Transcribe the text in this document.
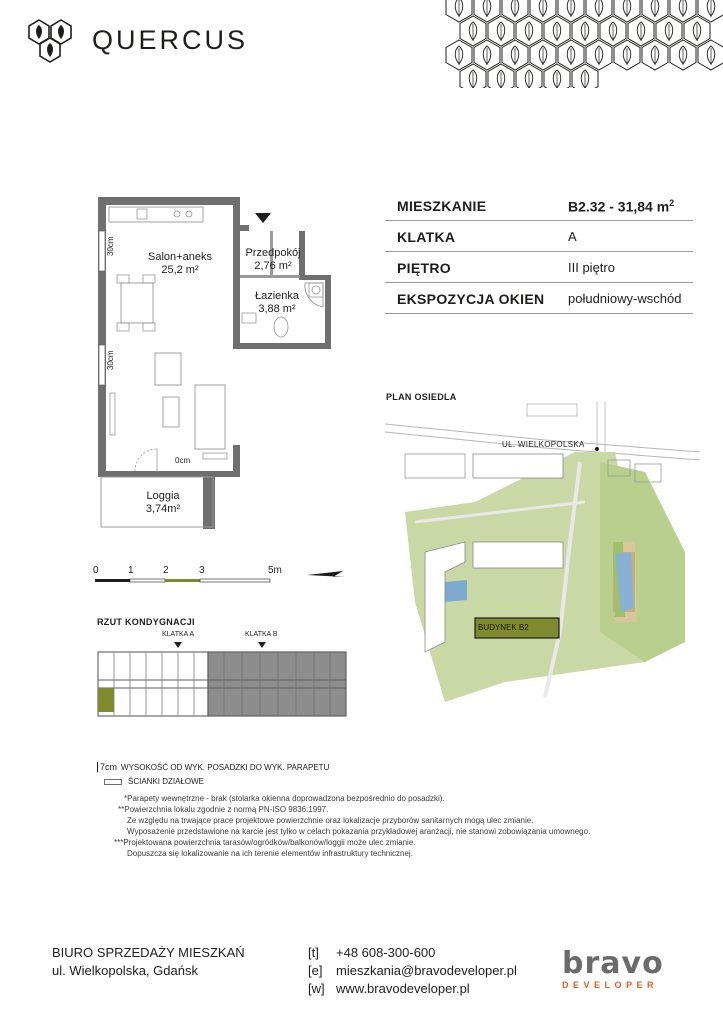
QUERCUS
Salon+aneks
25,2 m²
Przedpokój
2,76 m²
Łazienka
3,88 m²
Loggia
3,74m²
30cm
30cm
0cm
0	1	2	3	5m
MIESZKANIE	B2.32 - 31,84 $m^2$
KLATKA	A
PIĘTRO	III piętro
EKSPOZYCJA OKIEN południowy-wschód
PLAN OSIEDLA
UL. WIELKOPOLSKA
BUDYNEK B2
RZUT KONDYGNACJI
KLATKA A	KLATKA B
7cm WYSOKOŚĆ OD WYK. POSADZKI DO WYK. PARAPETU
ŚCIANKI DZIAŁOWE
*Parapety wewnętrzne - brak (stolarka okienna doprowadzona bezpośrednio do posadzki).
**Powierzchnia lokalu zgodnie z normą PN-ISO 9836:1997.
Ze względu na trwające prace projektowe powierzchnie oraz lokalizacje przyborów sanitarnych mogą ulec zmianie.
Wyposażenie przedstawione na karcie jest tylko w celach pokazania przykładowej aranżacji, nie stanowi zobowiązania umownego.
***Projektowana powierzchnia tarasów/ogródków/balkonów/loggii może ulec zmianie.
Dopuszcza się lokalizowanie na ich terenie elementów infrastruktury technicznej.
BIURO SPRZEDAŻY MIESZKAŃ
ul. Wielkopolska, Gdańsk
[t]	+48 608-300-600
[e] mieszkania@bravodeveloper.pl
[w] www.bravodeveloper.pl
bravo
DEVELOPER
